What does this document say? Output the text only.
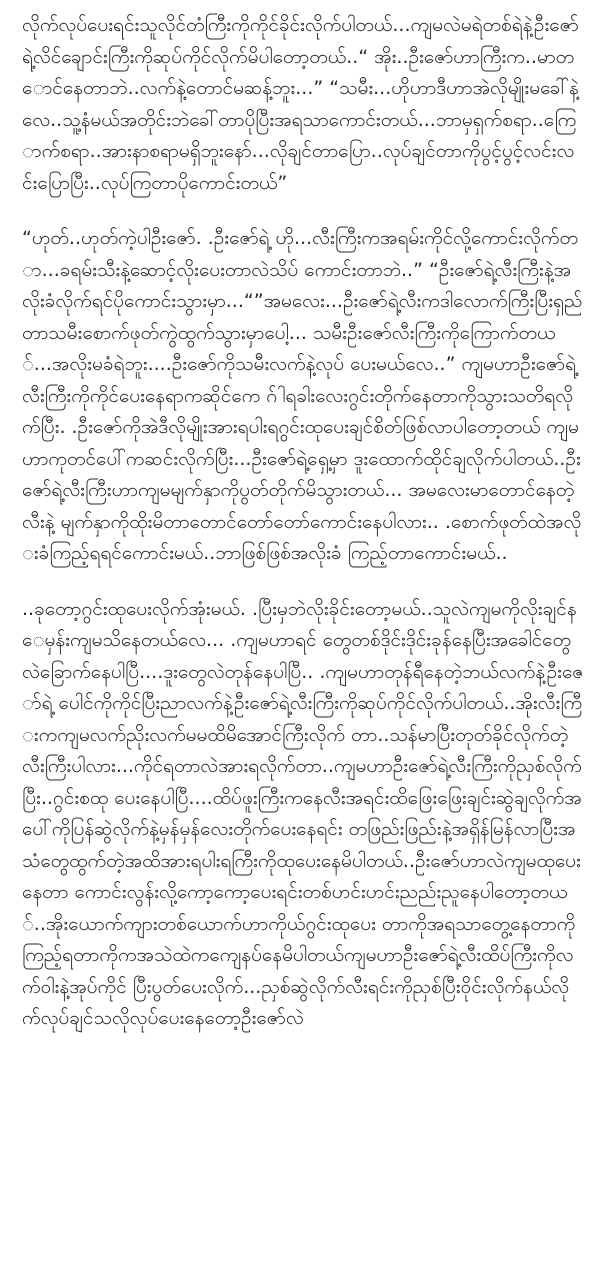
လိုက်လုပ်ပေးရင်းသူလိုင်တံကြီးကိုကိုင်ခိုင်းလိုက်ပါတယ်...ကျမလဲမရဲတစ်ရဲနဲ့ဦးဇော်ရဲ့လိင်ချောင်းကြီးကိုဆုပ်ကိုင်လိုက်မိပါတော့တယ်..“ အိုး..ဦးဇော်ဟာကြီးက..မာတောင်နေတာဘဲ..လက်နဲ့တောင်မဆန့်ဘူး...” “သမီး...ဟိုဟာဒီဟာအဲလိုမျိုးမခေါ်နဲ့လေ..သူ့နံမယ်အတိုင်းဘဲခေါ်တာပိုပြီးအရသာကောင်းတယ်...ဘာမှရှက်စရာ..ကြောက်စရာ..အားနာစရာမရှိဘူးနော်...လိုချင်တာပြော..လုပ်ချင်တာကိုပွင့်ပွင့်လင်းလင်းပြောပြီး..လုပ်ကြတာပိုကောင်းတယ်”

“ဟုတ်..ဟုတ်ကဲ့ပါဦးဇော်. .ဦးဇော်ရဲ့ ဟို...လီးကြီးကအရမ်းကိုင်လို့ကောင်းလိုက်တာ...ခရမ်းသီးနဲ့ဆောင့်လိုးပေးတာလဲသိပ် ကောင်းတာဘဲ..” “ဦးဇော်ရဲ့လီးကြီးနဲ့အလိုးခံလိုက်ရင်ပိုကောင်းသွားမှာ...“”အမလေး...ဦးဇော်ရဲ့လီးကဒါလောက်ကြီးပြီးရှည် တာသမီးစောက်ဖုတ်ကွဲထွက်သွားမှာပေါ့... သမီးဦးဇော်လီးကြီးကိုကြောက်တယ်...အလိုးမခံရဲဘူး....ဦးဇော်ကိုသမီးလက်နဲ့လုပ် ပေးမယ်လေ..” ကျမဟာဦးဇော်ရဲ့လီးကြီးကိုကိုင်ပေးနေရာကဆိုင်ကေ ဂ်ါရခါးလေးဂွင်းတိုက်နေတာကိုသွားသတိရလိုက်ပြီး. .ဦးဇော်ကိုအဲဒီလိုမျိုးအားရပါးရဂွင်းထုပေးချင်စိတ်ဖြစ်လာပါတော့တယ် ကျမဟာကုတင်ပေါ်ကဆင်းလိုက်ပြီး...ဦးဇော်ရဲ့ရှေ့မှာ ဒူးထောက်ထိုင်ချလိုက်ပါတယ်..ဦးဇော်ရဲ့လီးကြီးဟာကျမမျက်နှာကိုပွတ်တိုက်မိသွားတယ်... အမလေးမာတောင်နေတဲ့လီးနဲ့ မျက်နှာကိုထိုးမိတာတောင်တော်တော်ကောင်းနေပါလား.. .စောက်ဖုတ်ထဲအလိုးခံကြည့်ရရင်ကောင်းမယ်..ဘာဖြစ်ဖြစ်အလိုးခံ ကြည့်တာကောင်းမယ်..

..ခုတော့ဂွင်းထုပေးလိုက်အုံးမယ်. .ပြီးမှဘဲလိုးခိုင်းတော့မယ်..သူလဲကျမကိုလိုးချင်နေမှန်းကျမသိနေတယ်လေ... .ကျမဟာရင် တွေတစ်ဒိုင်းဒိုင်းခုန်နေပြီးအခေါင်တွေလဲခြောက်နေပါပြီ....ဒူးတွေလဲတုန်နေပါပြီ.. .ကျမဟာတုန်ရီနေတဲ့ဘယ်လက်နဲ့ဦးဇော်ရဲ့ ပေါင်ကိုကိုင်ပြီးညာလက်နဲ့ဦးဇော်ရဲ့လီးကြီးကိုဆုပ်ကိုင်လိုက်ပါတယ်..အိုးလီးကြီးကကျမလက်ညိုးလက်မမထိမိအောင်ကြီးလိုက် တာ..သန်မာပြီးတုတ်ခိုင်လိုက်တဲ့လီးကြီးပါလား...ကိုင်ရတာလဲအားရလိုက်တာ..ကျမဟာဦးဇော်ရဲ့လီးကြီးကိုညှစ်လိုက်ပြီး..ဂွင်းစထု ပေးနေပါပြီ....ထိပ်ဖူးကြီးကနေလီးအရင်းထိဖြေးဖြေးချင်းဆွဲချလိုက်အပေါ်ကိုပြန်ဆွဲလိုက်နဲ့မှန်မှန်လေးတိုက်ပေးနေရင်း တဖြည်းဖြည်းနဲ့အရှိန်မြန်လာပြီးအသံတွေထွက်တဲ့အထိအားရပါးရကြီးကိုထုပေးနေမိပါတယ်..ဦးဇော်ဟာလဲကျမထုပေးနေတာ ကောင်းလွန်းလို့ကော့ကော့ပေးရင်းတစ်ဟင်းဟင်းညည်းညူနေပါတော့တယ်..အိုးယောက်ကျားတစ်ယောက်ဟာကိုယ်ဂွင်းထုပေး တာကိုအရသာတွေ့နေတာကိုကြည့်ရတာကိုကအသဲထဲကကျေနပ်နေမိပါတယ်ကျမဟာဦးဇော်ရဲ့လီးထိပ်ကြီးကိုလက်ဝါးနဲ့အုပ်ကိုင် ပြီးပွတ်ပေးလိုက်...ညှစ်ဆွဲလိုက်လီးရင်းကိုညှစ်ပြီးဝိုင်းလိုက်နယ်လိုက်လုပ်ချင်သလိုလုပ်ပေးနေတော့ဦးဇော်လဲ
